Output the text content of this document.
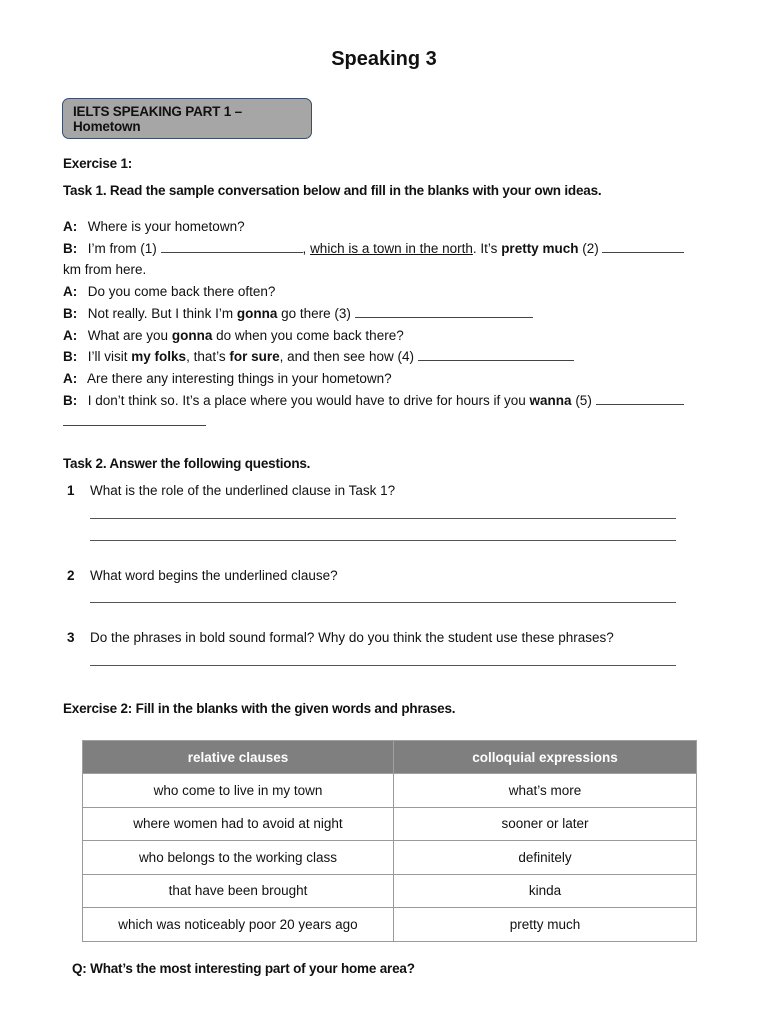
Speaking 3
IELTS SPEAKING PART 1 – Hometown
Exercise 1:
Task 1. Read the sample conversation below and fill in the blanks with your own ideas.
A: Where is your hometown?
B: I’m from (1)	, which is a town in the north. It’s pretty much (2)
km from here.
A: Do you come back there often?
B: Not really. But I think I’m gonna go there (3)
A: What are you gonna do when you come back there?
B: I’ll visit my folks, that’s for sure, and then see how (4)
A: Are there any interesting things in your hometown?
B: I don’t think so. It’s a place where you would have to drive for hours if you wanna (5)
Task 2. Answer the following questions.
1 What is the role of the underlined clause in Task 1?
2 What word begins the underlined clause?
3 Do the phrases in bold sound formal? Why do you think the student use these phrases?
Exercise 2: Fill in the blanks with the given words and phrases.
relative clauses	colloquial expressions
who come to live in my town	what’s more
where women had to avoid at night	sooner or later
who belongs to the working class	definitely
that have been brought	kinda
which was noticeably poor 20 years ago	pretty much
Q: What’s the most interesting part of your home area?
